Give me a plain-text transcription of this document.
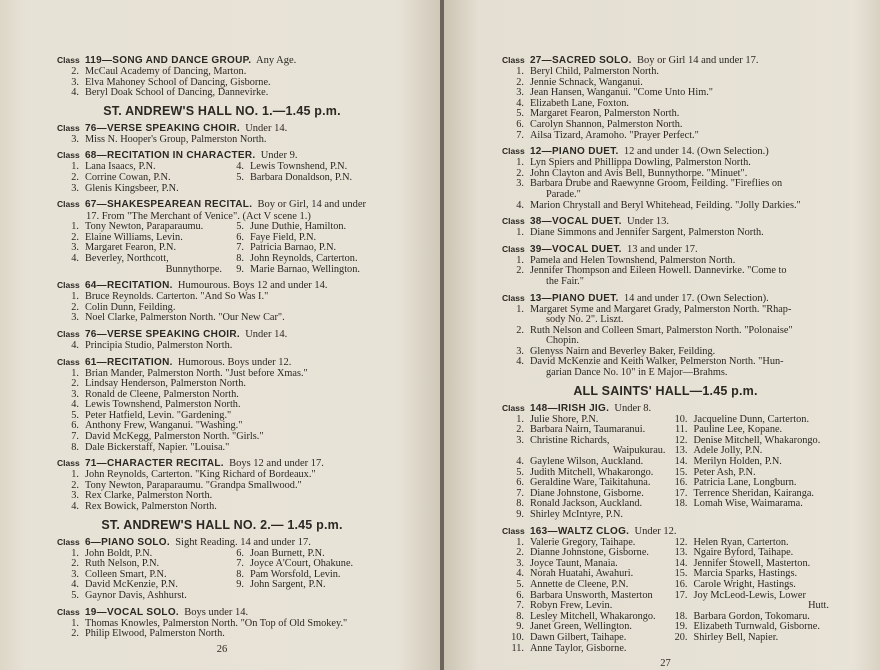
Class 119—SONG AND DANCE GROUP. Any Age.
2. McCaul Academy of Dancing, Marton.
3. Elva Mahoney School of Dancing, Gisborne.
4. Beryl Doak School of Dancing, Dannevirke.
ST. ANDREW'S HALL NO. 1.—1.45 p.m.
Class 76—VERSE SPEAKING CHOIR. Under 14.
3. Miss N. Hooper's Group, Palmerston North.
Class 68—RECITATION IN CHARACTER. Under 9.
1. Lana Isaacs, P.N.
2. Corrine Cowan, P.N.
3. Glenis Kingsbeer, P.N.
4. Lewis Townshend, P.N.
5. Barbara Donaldson, P.N.
Class 67—SHAKESPEAREAN RECITAL. Boy or Girl, 14 and under
17. From "The Merchant of Venice". (Act V scene 1.)
1. Tony Newton, Paraparaumu.
2. Elaine Williams, Levin.
3. Margaret Fearon, P.N.
4. Beverley, Northcott,
Bunnythorpe.
5. June Duthie, Hamilton.
6. Faye Field, P.N.
7. Patricia Barnao, P.N.
8. John Reynolds, Carterton.
9. Marie Barnao, Wellington.
Class 64—RECITATION. Humourous. Boys 12 and under 14.
1. Bruce Reynolds. Carterton. "And So Was I."
2. Colin Dunn, Feilding.
3. Noel Clarke, Palmerston North. "Our New Car".
Class 76—VERSE SPEAKING CHOIR. Under 14.
4. Principia Studio, Palmerston North.
Class 61—RECITATION. Humorous. Boys under 12.
1. Brian Mander, Palmerston North. "Just before Xmas."
2. Lindsay Henderson, Palmerston North.
3. Ronald de Cleene, Palmerston North.
4. Lewis Townshend, Palmerston North.
5. Peter Hatfield, Levin. "Gardening."
6. Anthony Frew, Wanganui. "Washing."
7. David McKegg, Palmerston North. "Girls."
8. Dale Bickerstaff, Napier. "Louisa."
Class 71—CHARACTER RECITAL. Boys 12 and under 17.
1. John Reynolds, Carterton. "King Richard of Bordeaux."
2. Tony Newton, Paraparaumu. "Grandpa Smallwood."
3. Rex Clarke, Palmerston North.
4. Rex Bowick, Palmerston North.
ST. ANDREW'S HALL NO. 2.— 1.45 p.m.
Class 6—PIANO SOLO. Sight Reading. 14 and under 17.
1. John Boldt, P.N.
2. Ruth Nelson, P.N.
3. Colleen Smart, P.N.
4. David McKenzie, P.N.
5. Gaynor Davis, Ashhurst.
6. Joan Burnett, P.N.
7. Joyce A'Court, Ohakune.
8. Pam Worsfold, Levin.
9. John Sargent, P.N.
Class 19—VOCAL SOLO. Boys under 14.
1. Thomas Knowles, Palmerston North. "On Top of Old Smokey."
2. Philip Elwood, Palmerston North.
26
Class 27—SACRED SOLO. Boy or Girl 14 and under 17.
1. Beryl Child, Palmerston North.
2. Jennie Schnack, Wanganui.
3. Jean Hansen, Wanganui. "Come Unto Him."
4. Elizabeth Lane, Foxton.
5. Margaret Fearon, Palmerston North.
6. Carolyn Shannon, Palmerston North.
7. Ailsa Tizard, Aramoho. "Prayer Perfect."
Class 12—PIANO DUET. 12 and under 14. (Own Selection.)
1. Lyn Spiers and Phillippa Dowling, Palmerston North.
2. John Clayton and Avis Bell, Bunnythorpe. "Minuet".
3. Barbara Drube and Raewynne Groom, Feilding. "Fireflies on
Parade."
4. Marion Chrystall and Beryl Whitehead, Feilding. "Jolly Darkies."
Class 38—VOCAL DUET. Under 13.
1. Diane Simmons and Jennifer Sargent, Palmerston North.
Class 39—VOCAL DUET. 13 and under 17.
1. Pamela and Helen Townshend, Palmerston North.
2. Jennifer Thompson and Eileen Howell. Dannevirke. "Come to
the Fair."
Class 13—PIANO DUET. 14 and under 17. (Own Selection).
1. Margaret Syme and Margaret Grady, Palmerston North. "Rhap-
sody No. 2". Liszt.
2. Ruth Nelson and Colleen Smart, Palmerston North. "Polonaise"
Chopin.
3. Glenyss Nairn and Beverley Baker, Feilding.
4. David McKenzie and Keith Walker, Pelmerston North. "Hun-
garian Dance No. 10" in E Major—Brahms.
ALL SAINTS' HALL—1.45 p.m.
Class 148—IRISH JIG. Under 8.
1. Julie Shore, P.N.
2. Barbara Nairn, Taumaranui.
3. Christine Richards,
Waipukurau.
4. Gaylene Wilson, Auckland.
5. Judith Mitchell, Whakarongo.
6. Geraldine Ware, Taikitahuna.
7. Diane Johnstone, Gisborne.
8. Ronald Jackson, Auckland.
9. Shirley McIntyre, P.N.
10. Jacqueline Dunn, Carterton.
11. Pauline Lee, Kopane.
12. Denise Mitchell, Whakarongo.
13. Adele Jolly, P.N.
14. Merilyn Holden, P.N.
15. Peter Ash, P.N.
16. Patricia Lane, Longburn.
17. Terrence Sheridan, Kairanga.
18. Lomah Wise, Waimarama.
Class 163—WALTZ CLOG. Under 12.
1. Valerie Gregory, Taihape.
2. Dianne Johnstone, Gisborne.
3. Joyce Taunt, Manaia.
4. Norah Huatahi, Awahuri.
5. Annette de Cleene, P.N.
6. Barbara Unsworth, Masterton
7. Robyn Frew, Levin.
8. Lesley Mitchell, Whakarongo.
9. Janet Green, Wellington.
10. Dawn Gilbert, Taihape.
11. Anne Taylor, Gisborne.
12. Helen Ryan, Carterton.
13. Ngaire Byford, Taihape.
14. Jennifer Stowell, Masterton.
15. Marcia Sparks, Hastings.
16. Carole Wright, Hastings.
17. Joy McLeod-Lewis, Lower
Hutt.
18. Barbara Gordon, Tokomaru.
19. Elizabeth Turnwald, Gisborne.
20. Shirley Bell, Napier.
27
